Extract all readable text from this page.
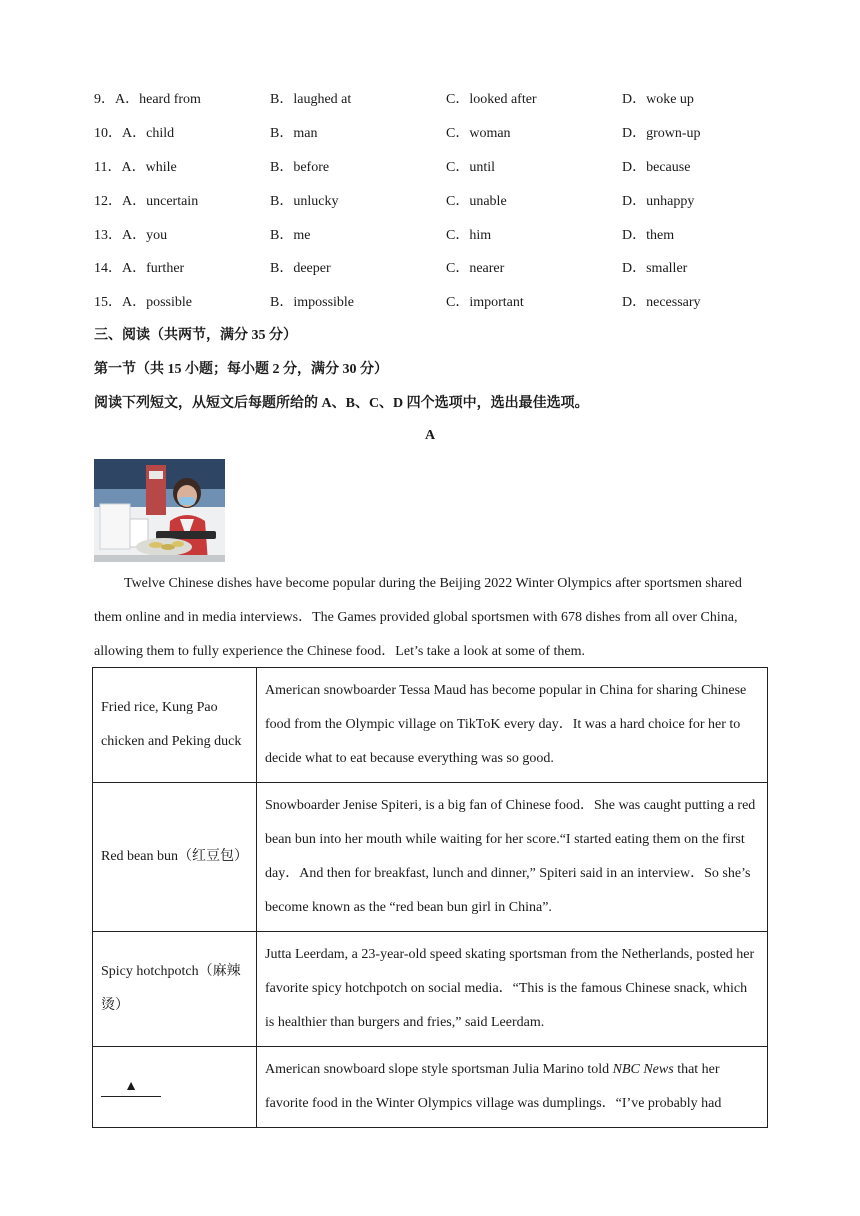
9．A．heard from	B．laughed at	C．looked after	D．woke up
10．A．child	B．man	C．woman	D．grown-up
11．A．while	B．before	C．until	D．because
12．A．uncertain	B．unlucky	C．unable	D．unhappy
13．A．you	B．me	C．him	D．them
14．A．further	B．deeper	C．nearer	D．smaller
15．A．possible	B．impossible	C．important	D．necessary
三、阅读（共两节，满分 35 分）
第一节（共 15 小题；每小题 2 分，满分 30 分）
阅读下列短文，从短文后每题所给的 A、B、C、D 四个选项中，选出最佳选项。
A
Twelve Chinese dishes have become popular during the Beijing 2022 Winter Olympics after sportsmen shared them online and in media interviews．The Games provided global sportsmen with 678 dishes from all over China, allowing them to fully experience the Chinese food．Let’s take a look at some of them.
Fried rice, Kung Pao chicken and Peking duck	American snowboarder Tessa Maud has become popular in China for sharing Chinese food from the Olympic village on TikToK every day．It was a hard choice for her to decide what to eat because everything was so good.
Red bean bun（红豆包）	Snowboarder Jenise Spiteri, is a big fan of Chinese food．She was caught putting a red bean bun into her mouth while waiting for her score.“I started eating them on the first day．And then for breakfast, lunch and dinner,” Spiteri said in an interview．So she’s become known as the “red bean bun girl in China”.
Spicy hotchpotch（麻辣烫）	Jutta Leerdam, a 23-year-old speed skating sportsman from the Netherlands, posted her favorite spicy hotchpotch on social media．“This is the famous Chinese snack, which is healthier than burgers and fries,” said Leerdam.
▲	American snowboard slope style sportsman Julia Marino told NBC News that her favorite food in the Winter Olympics village was dumplings．“I’ve probably had
